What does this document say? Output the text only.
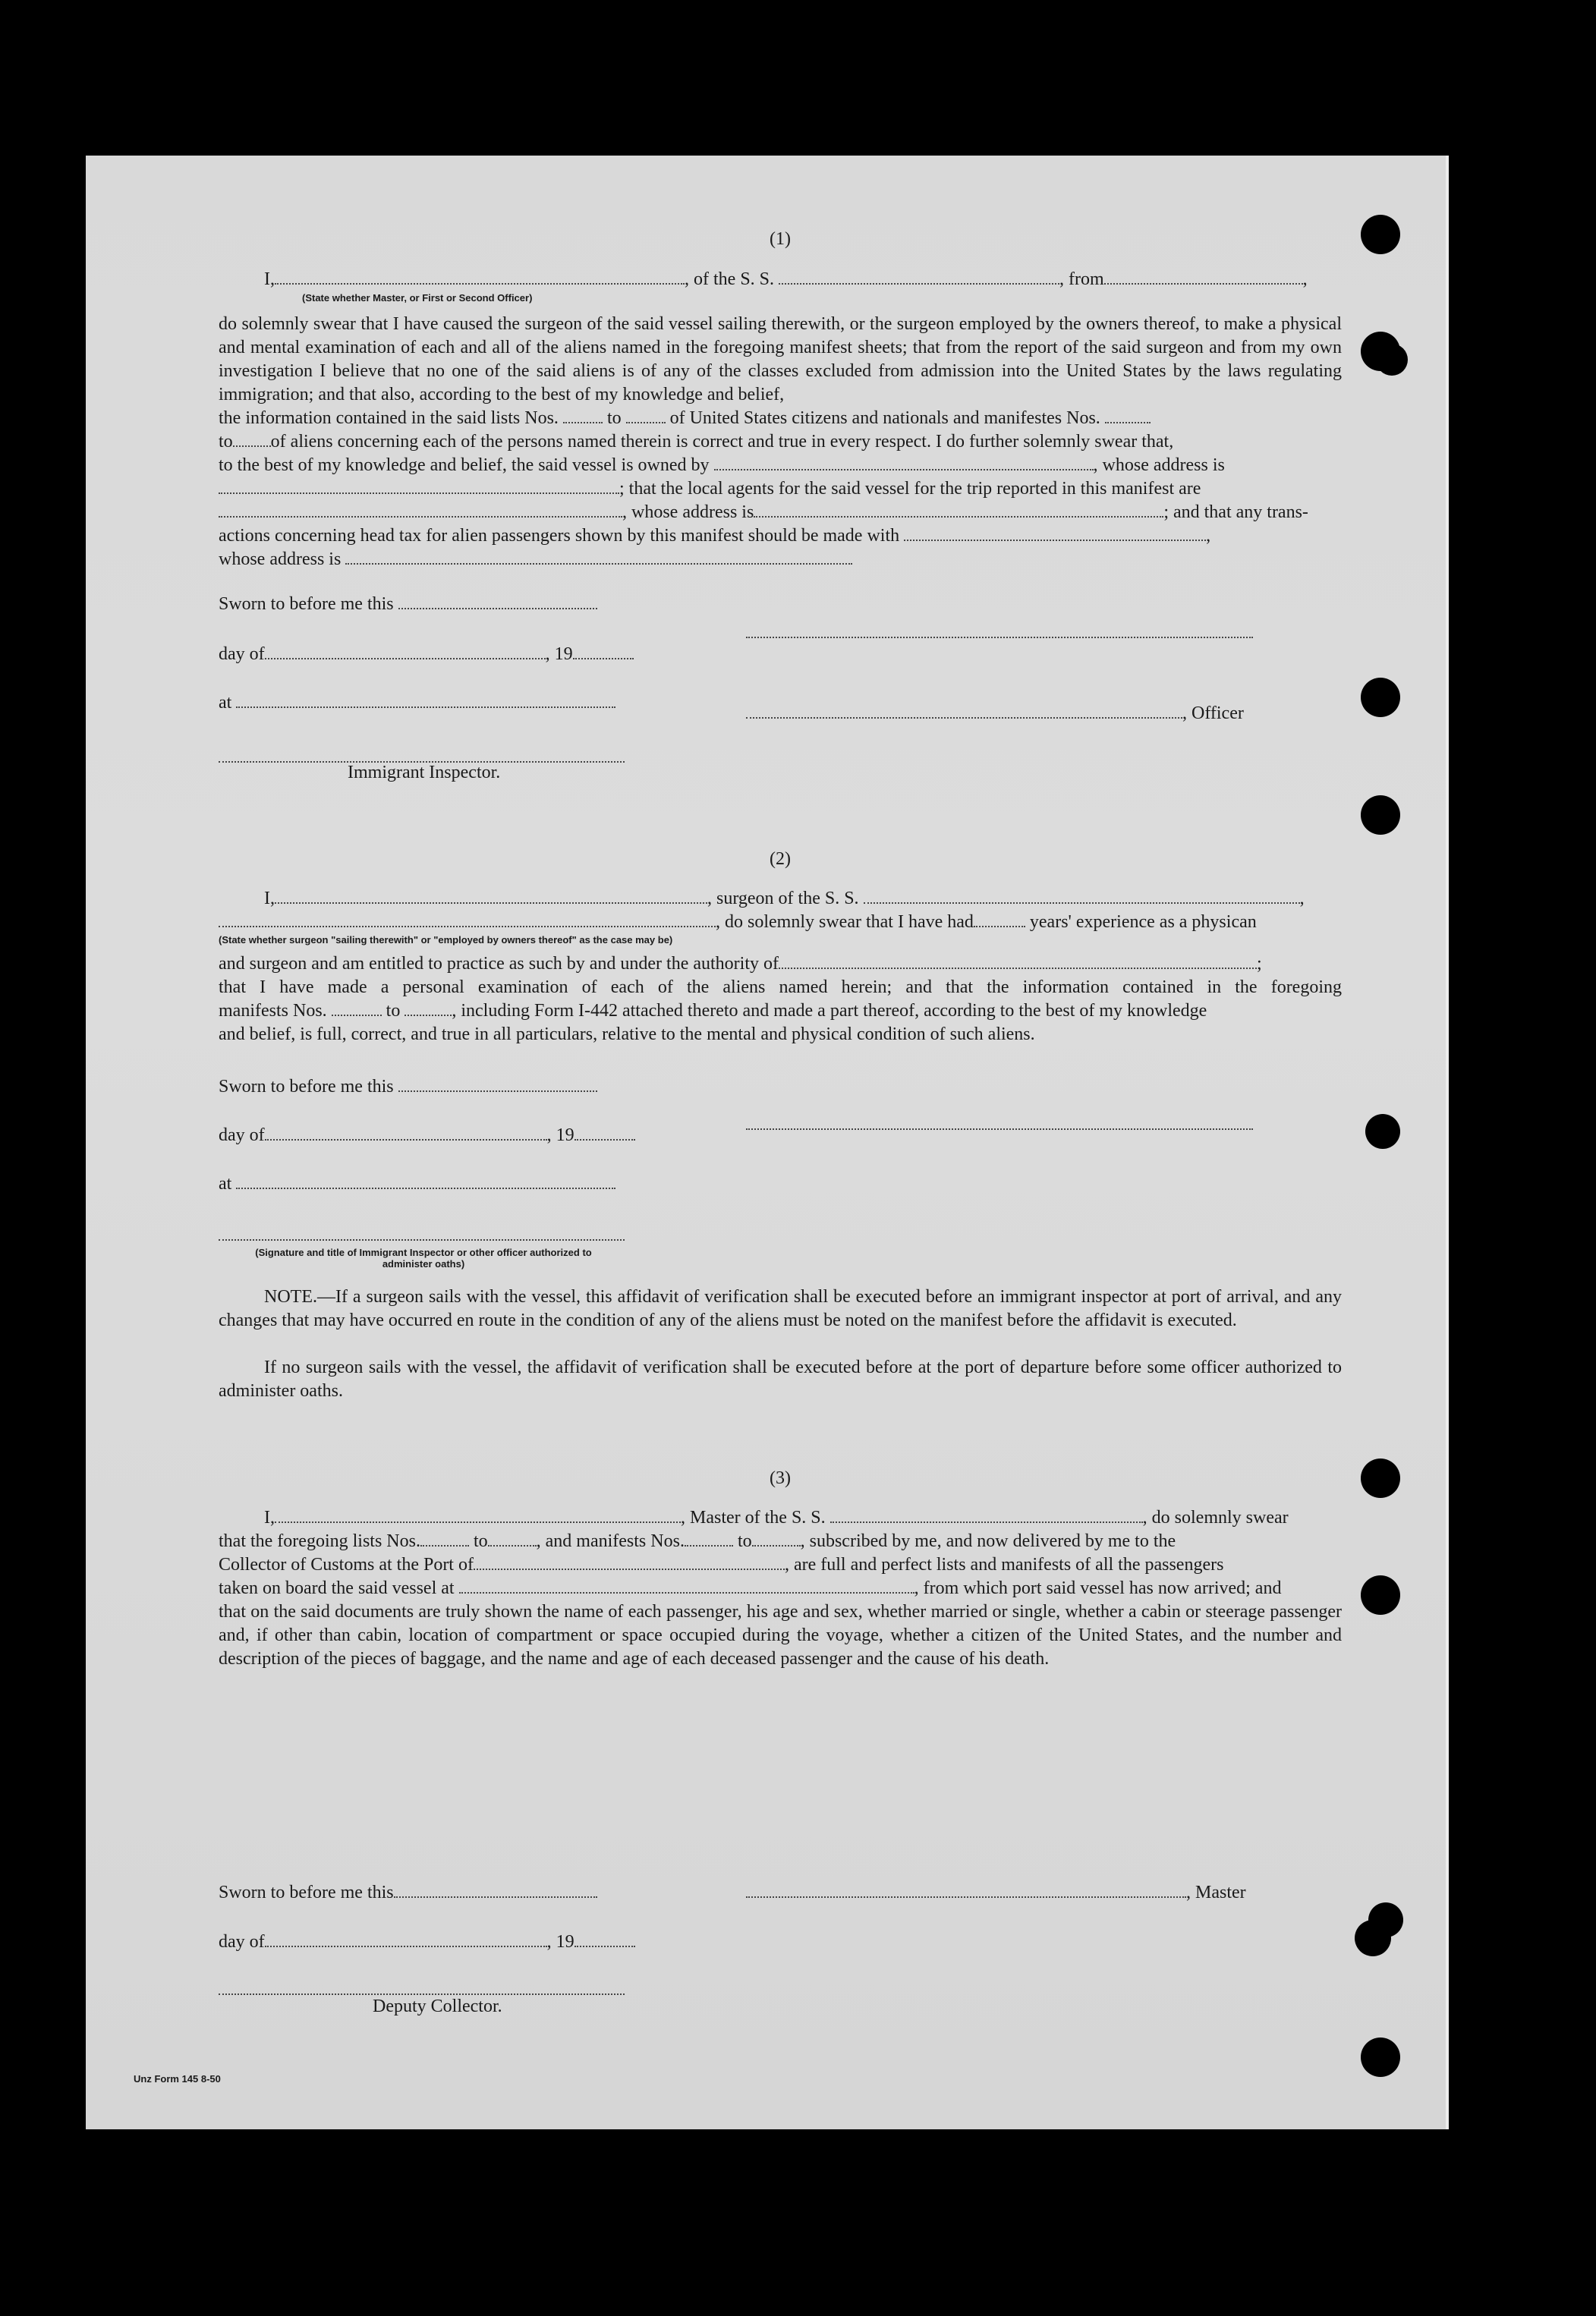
(1)
I,	, of the S. S.	, from	,
(State whether Master, or First or Second Officer)
do solemnly swear that I have caused the surgeon of the said vessel sailing therewith, or the surgeon employed by the owners thereof, to make a physical and mental examination of each and all of the aliens named in the foregoing manifest sheets; that from the report of the said surgeon and from my own investigation I believe that no one of the said aliens is of any of the classes excluded from admission into the United States by the laws regulating immigration; and that also, according to the best of my knowledge and belief,
the information contained in the said lists Nos.	to	of United States citizens and nationals and manifestes Nos.
to of aliens concerning each of the persons named therein is correct and true in every respect. I do further solemnly swear that,
to the best of my knowledge and belief, the said vessel is owned by	, whose address is
; that the local agents for the said vessel for the trip reported in this manifest are
, whose address is	; and that any trans-
actions concerning head tax for alien passengers shown by this manifest should be made with	,
whose address is
Sworn to before me this
day of	, 19
at
, Officer
Immigrant Inspector.
(2)
I,	, surgeon of the S. S.	,
, do solemnly swear that I have had	years' experience as a physican
(State whether surgeon "sailing therewith" or "employed by owners thereof" as the case may be)
and surgeon and am entitled to practice as such by and under the authority of	;
that I have made a personal examination of each of the aliens named herein; and that the information contained in the foregoing
manifests Nos.	to	, including Form I-442 attached thereto and made a part thereof, according to the best of my knowledge
and belief, is full, correct, and true in all particulars, relative to the mental and physical condition of such aliens.
Sworn to before me this
day of	, 19
at
(Signature and title of Immigrant Inspector or other officer authorized to administer oaths)
NOTE.—If a surgeon sails with the vessel, this affidavit of verification shall be executed before an immigrant inspector at port of arrival, and any changes that may have occurred en route in the condition of any of the aliens must be noted on the manifest before the affidavit is executed.
If no surgeon sails with the vessel, the affidavit of verification shall be executed before at the port of departure before some officer authorized to administer oaths.
(3)
I,	, Master of the S. S.	, do solemnly swear
that the foregoing lists Nos.	to	, and manifests Nos.	to	, subscribed by me, and now delivered by me to the
Collector of Customs at the Port of	, are full and perfect lists and manifests of all the passengers
taken on board the said vessel at	, from which port said vessel has now arrived; and
that on the said documents are truly shown the name of each passenger, his age and sex, whether married or single, whether a cabin or steerage passenger and, if other than cabin, location of compartment or space occupied during the voyage, whether a citizen of the United States, and the number and description of the pieces of baggage, and the name and age of each deceased passenger and the cause of his death.
Sworn to before me this	, Master
day of	, 19
Deputy Collector.
Unz Form 145 8-50
